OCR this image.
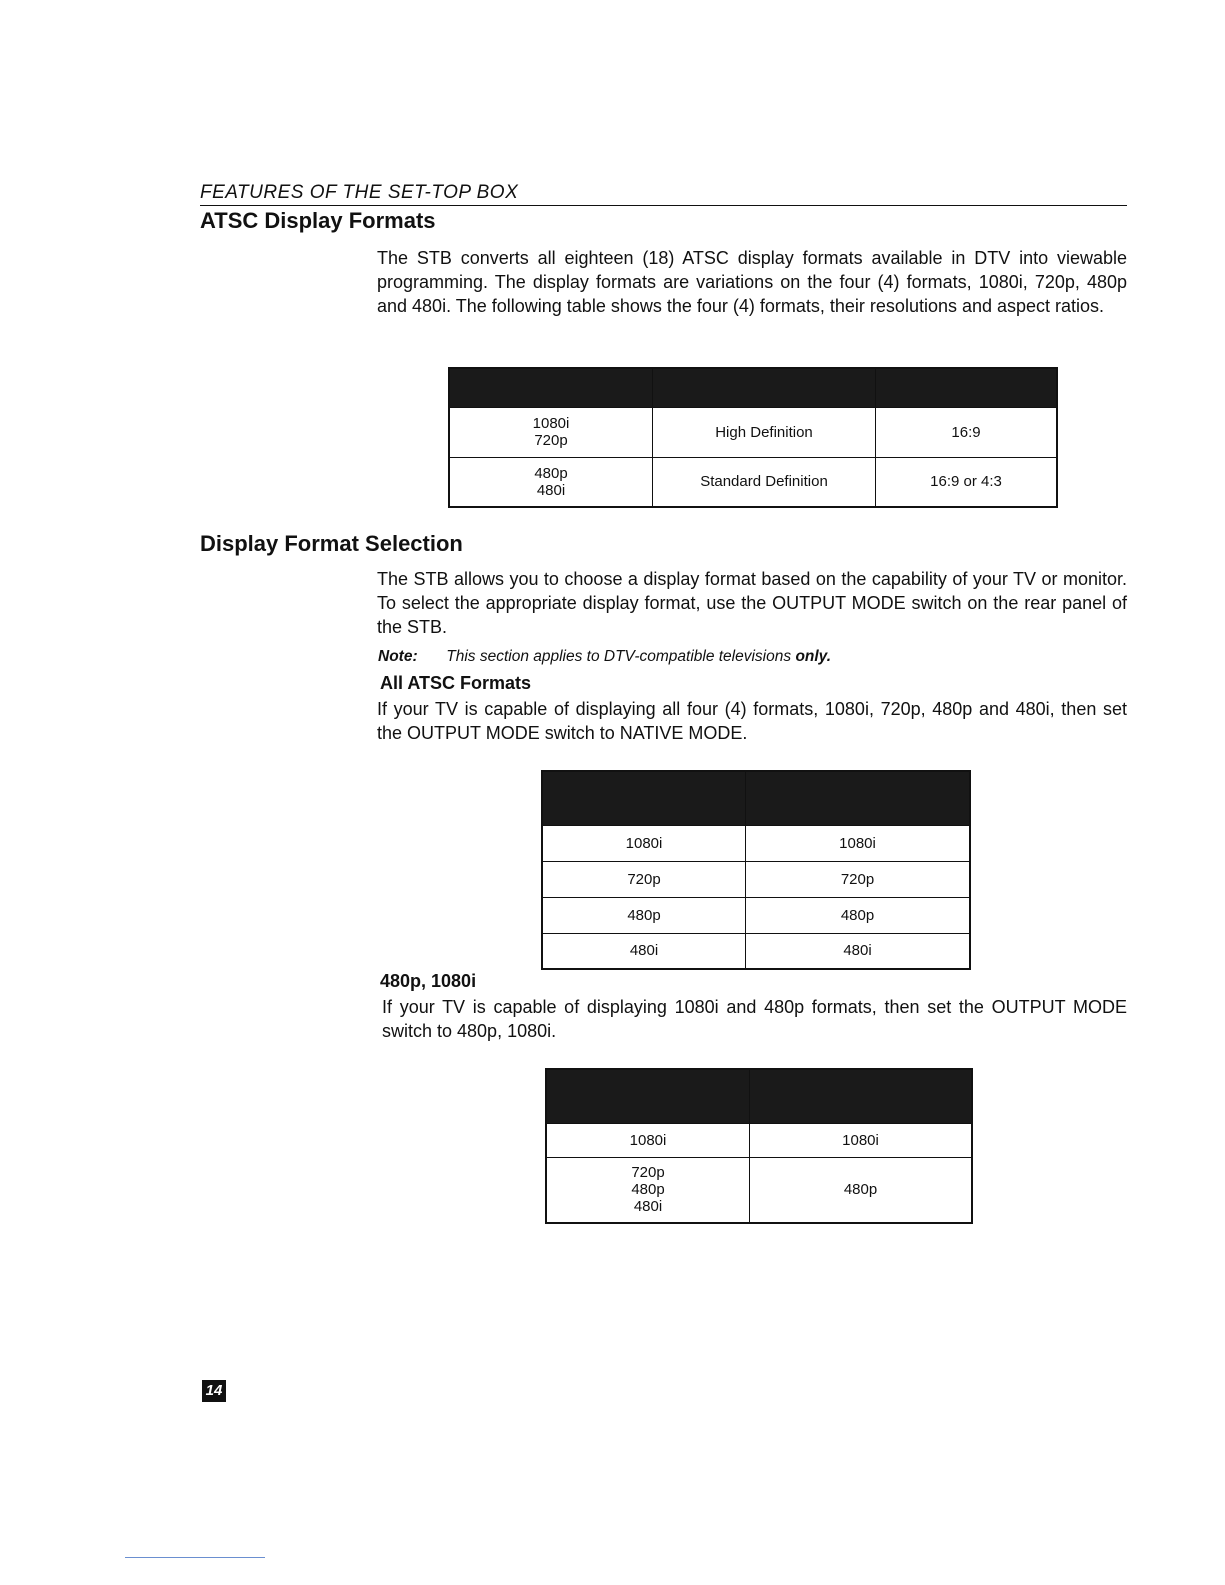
FEATURES OF THE SET-TOP BOX
ATSC Display Formats
The STB converts all eighteen (18) ATSC display formats available in DTV into viewable programming. The display formats are variations on the four (4) formats, 1080i, 720p, 480p and 480i. The following table shows the four (4) formats, their resolutions and aspect ratios.

1080i
720p	High Definition	16:9

480p
480i	Standard Definition	16:9 or 4:3
Display Format Selection
The STB allows you to choose a display format based on the capability of your TV or monitor. To select the appropriate display format, use the OUTPUT MODE switch on the rear panel of the STB.
Note: This section applies to DTV-compatible televisions only.
All ATSC Formats
If your TV is capable of displaying all four (4) formats, 1080i, 720p, 480p and 480i, then set the OUTPUT MODE switch to NATIVE MODE.

1080i	1080i
720p	720p
480p	480p
480i	480i
480p, 1080i
If your TV is capable of displaying 1080i and 480p formats, then set the OUTPUT MODE switch to 480p, 1080i.

1080i	1080i

720p
480p
480i	480p
14
